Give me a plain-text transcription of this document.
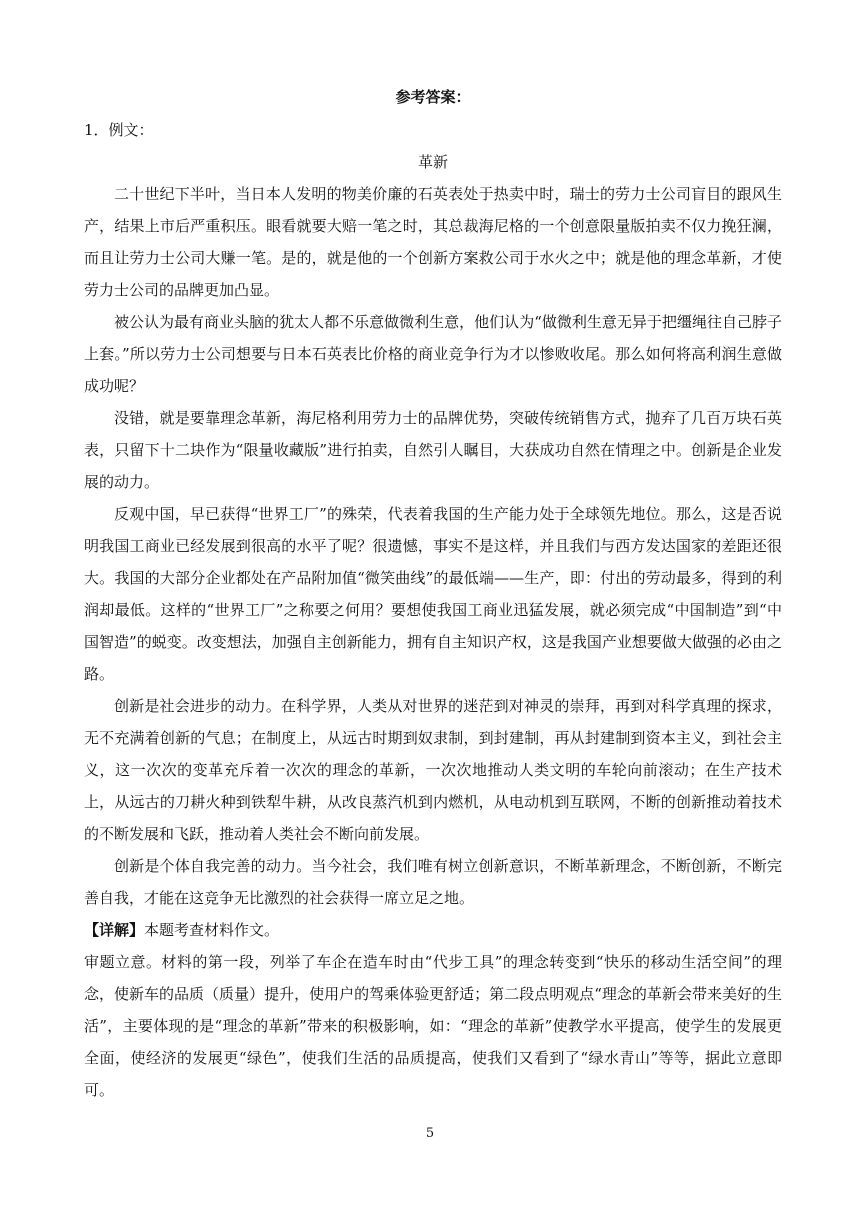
参考答案：

1．例文：

革新

二十世纪下半叶，当日本人发明的物美价廉的石英表处于热卖中时，瑞士的劳力士公司盲目的跟风生产，结果上市后严重积压。眼看就要大赔一笔之时，其总裁海尼格的一个创意限量版拍卖不仅力挽狂澜，而且让劳力士公司大赚一笔。是的，就是他的一个创新方案救公司于水火之中；就是他的理念革新，才使劳力士公司的品牌更加凸显。

被公认为最有商业头脑的犹太人都不乐意做微利生意，他们认为“做微利生意无异于把缰绳往自己脖子上套。”所以劳力士公司想要与日本石英表比价格的商业竞争行为才以惨败收尾。那么如何将高利润生意做成功呢？

没错，就是要靠理念革新，海尼格利用劳力士的品牌优势，突破传统销售方式，抛弃了几百万块石英表，只留下十二块作为“限量收藏版”进行拍卖，自然引人瞩目，大获成功自然在情理之中。创新是企业发展的动力。

反观中国，早已获得“世界工厂”的殊荣，代表着我国的生产能力处于全球领先地位。那么，这是否说明我国工商业已经发展到很高的水平了呢？很遗憾，事实不是这样，并且我们与西方发达国家的差距还很大。我国的大部分企业都处在产品附加值“微笑曲线”的最低端——生产，即：付出的劳动最多，得到的利润却最低。这样的“世界工厂”之称要之何用？要想使我国工商业迅猛发展，就必须完成“中国制造”到“中国智造”的蜕变。改变想法，加强自主创新能力，拥有自主知识产权，这是我国产业想要做大做强的必由之路。

创新是社会进步的动力。在科学界，人类从对世界的迷茫到对神灵的崇拜，再到对科学真理的探求，无不充满着创新的气息；在制度上，从远古时期到奴隶制，到封建制，再从封建制到资本主义，到社会主义，这一次次的变革充斥着一次次的理念的革新，一次次地推动人类文明的车轮向前滚动；在生产技术上，从远古的刀耕火种到铁犁牛耕，从改良蒸汽机到内燃机，从电动机到互联网，不断的创新推动着技术的不断发展和飞跃，推动着人类社会不断向前发展。

创新是个体自我完善的动力。当今社会，我们唯有树立创新意识，不断革新理念，不断创新，不断完善自我，才能在这竞争无比激烈的社会获得一席立足之地。

【详解】本题考查材料作文。

审题立意。材料的第一段，列举了车企在造车时由“代步工具”的理念转变到“快乐的移动生活空间”的理念，使新车的品质（质量）提升，使用户的驾乘体验更舒适；第二段点明观点“理念的革新会带来美好的生活”，主要体现的是“理念的革新”带来的积极影响，如：“理念的革新”使教学水平提高，使学生的发展更全面，使经济的发展更“绿色”，使我们生活的品质提高，使我们又看到了“绿水青山”等等，据此立意即可。

5
